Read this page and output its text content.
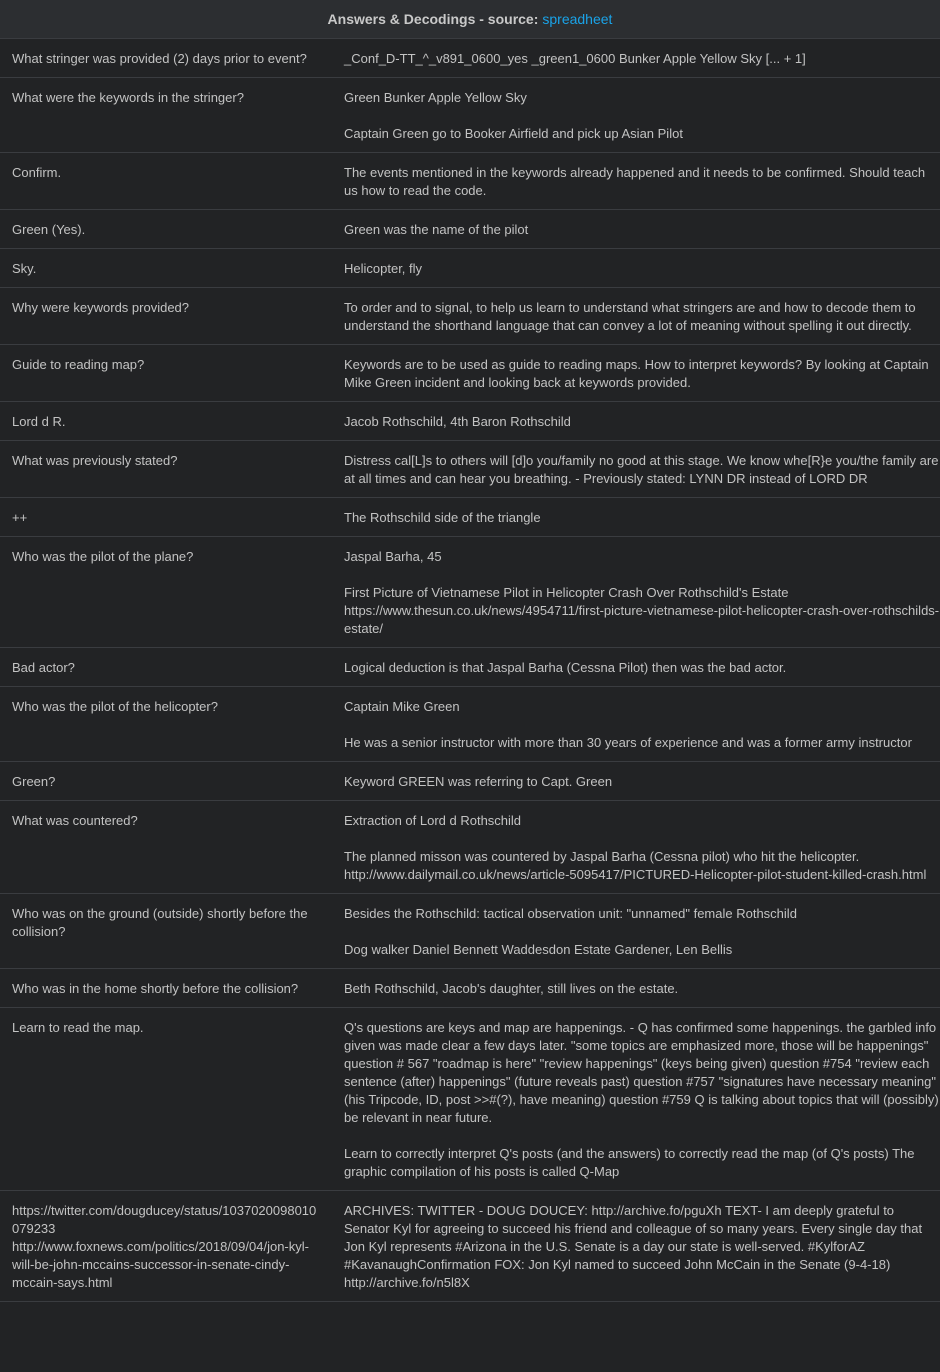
Answers & Decodings - source: spreadheet
What stringer was provided (2) days prior to event?	_Conf_D-TT_^_v891_0600_yes _green1_0600 Bunker Apple Yellow Sky [... + 1]

What were the keywords in the stringer?	Green Bunker Apple Yellow Sky

Captain Green go to Booker Airfield and pick up Asian Pilot

Confirm.	The events mentioned in the keywords already happened and it needs to be confirmed. Should teach us how to read the code.

Green (Yes).	Green was the name of the pilot

Sky.	Helicopter, fly

Why were keywords provided?	To order and to signal, to help us learn to understand what stringers are and how to decode them to understand the shorthand language that can convey a lot of meaning without spelling it out directly.

Guide to reading map?	Keywords are to be used as guide to reading maps. How to interpret keywords? By looking at Captain Mike Green incident and looking back at keywords provided.

Lord d R.	Jacob Rothschild, 4th Baron Rothschild

What was previously stated?	Distress cal[L]s to others will [d]o you/family no good at this stage. We know whe[R}e you/the family are at all times and can hear you breathing. - Previously stated: LYNN DR instead of LORD DR

++	The Rothschild side of the triangle

Who was the pilot of the plane?	Jaspal Barha, 45

First Picture of Vietnamese Pilot in Helicopter Crash Over Rothschild's Estate https://www.thesun.co.uk/news/4954711/first-picture-vietnamese-pilot-helicopter-crash-over-rothschilds-estate/

Bad actor?	Logical deduction is that Jaspal Barha (Cessna Pilot) then was the bad actor.

Who was the pilot of the helicopter?	Captain Mike Green

He was a senior instructor with more than 30 years of experience and was a former army instructor

Green?	Keyword GREEN was referring to Capt. Green

What was countered?	Extraction of Lord d Rothschild

The planned misson was countered by Jaspal Barha (Cessna pilot) who hit the helicopter. http://www.dailymail.co.uk/news/article-5095417/PICTURED-Helicopter-pilot-student-killed-crash.html

Who was on the ground (outside) shortly before the collision?	Besides the Rothschild: tactical observation unit: "unnamed" female Rothschild

Dog walker Daniel Bennett Waddesdon Estate Gardener, Len Bellis

Who was in the home shortly before the collision?	Beth Rothschild, Jacob's daughter, still lives on the estate.

Learn to read the map.	Q's questions are keys and map are happenings. - Q has confirmed some happenings. the garbled info given was made clear a few days later. "some topics are emphasized more, those will be happenings" question # 567 "roadmap is here" "review happenings" (keys being given) question #754 "review each sentence (after) happenings" (future reveals past) question #757 "signatures have necessary meaning" (his Tripcode, ID, post >>#(?), have meaning) question #759 Q is talking about topics that will (possibly) be relevant in near future.

Learn to correctly interpret Q's posts (and the answers) to correctly read the map (of Q's posts) The graphic compilation of his posts is called Q-Map

https://twitter.com/dougducey/status/1037020098010079233 http://www.foxnews.com/politics/2018/09/04/jon-kyl-will-be-john-mccains-successor-in-senate-cindy-mccain-says.html	ARCHIVES: TWITTER - DOUG DOUCEY: http://archive.fo/pguXh TEXT- I am deeply grateful to Senator Kyl for agreeing to succeed his friend and colleague of so many years. Every single day that Jon Kyl represents #Arizona in the U.S. Senate is a day our state is well-served. #KylforAZ #KavanaughConfirmation FOX: Jon Kyl named to succeed John McCain in the Senate (9-4-18) http://archive.fo/n5l8X
